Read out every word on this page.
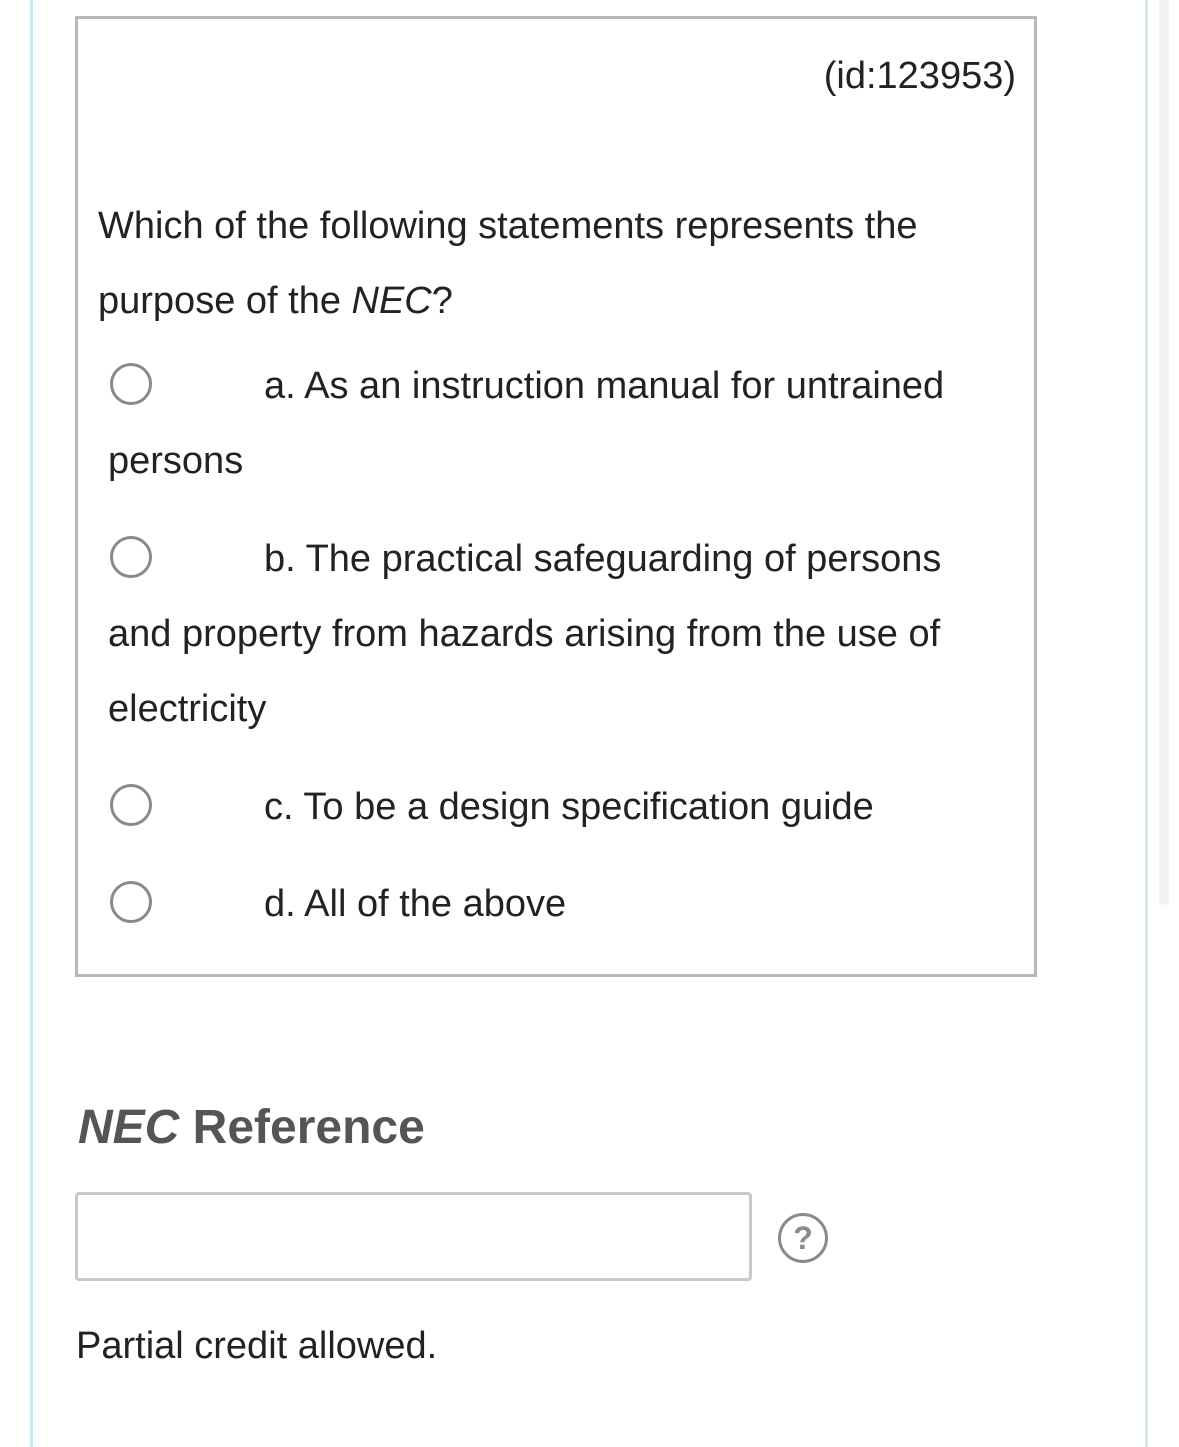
(id:123953)
Which of the following statements represents the purpose of the NEC?
a. As an instruction manual for untrained persons
b. The practical safeguarding of persons and property from hazards arising from the use of electricity
c. To be a design specification guide
d. All of the above
NEC Reference
?
Partial credit allowed.
